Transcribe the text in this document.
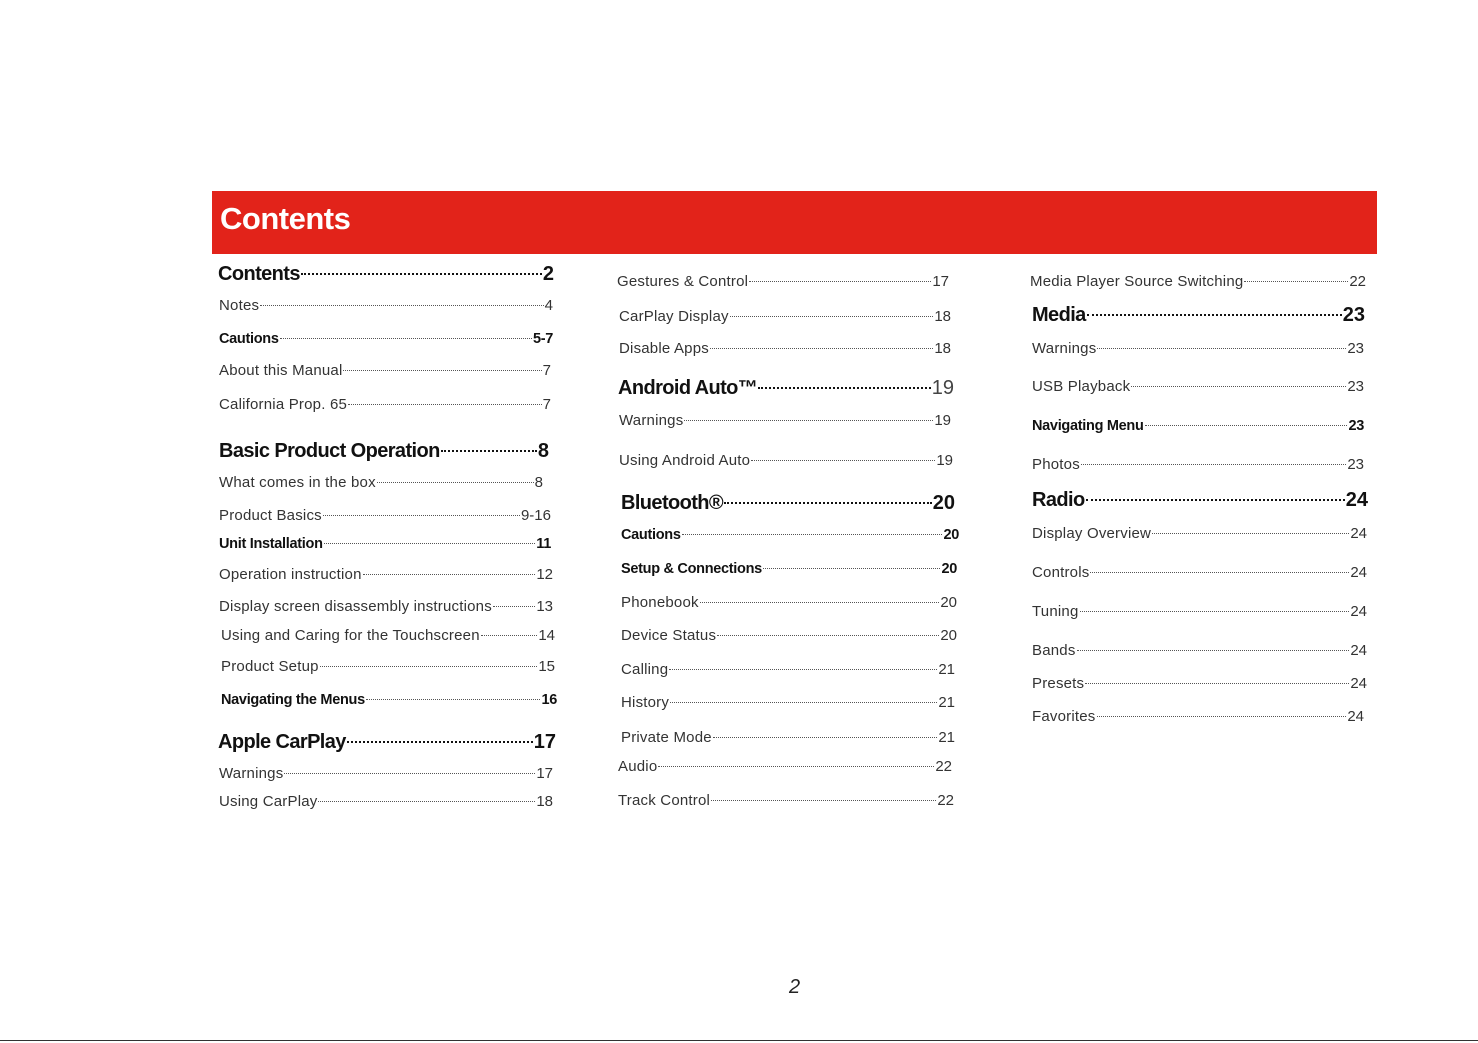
Contents
Contents	2
Notes	4
Cautions	5-7
About this Manual	7
California Prop. 65	7
Basic Product Operation	8
What comes in the box	8
Product Basics	9-16
Unit Installation	11
Operation instruction	12
Display screen disassembly instructions	13
Using and Caring for the Touchscreen	14
Product Setup	15
Navigating the Menus	16
Apple CarPlay	17
Warnings	17
Using CarPlay	18
Gestures & Control	17
CarPlay Display	18
Disable Apps	18
Android Auto™	19
Warnings	19
Using Android Auto	19
Bluetooth®	20
Cautions	20
Setup & Connections	20
Phonebook	20
Device Status	20
Calling	21
History	21
Private Mode	21
Audio	22
Track Control	22
Media Player Source Switching	22
Media	23
Warnings	23
USB Playback	23
Navigating Menu	23
Photos	23
Radio	24
Display Overview	24
Controls	24
Tuning	24
Bands	24
Presets	24
Favorites	24
2
